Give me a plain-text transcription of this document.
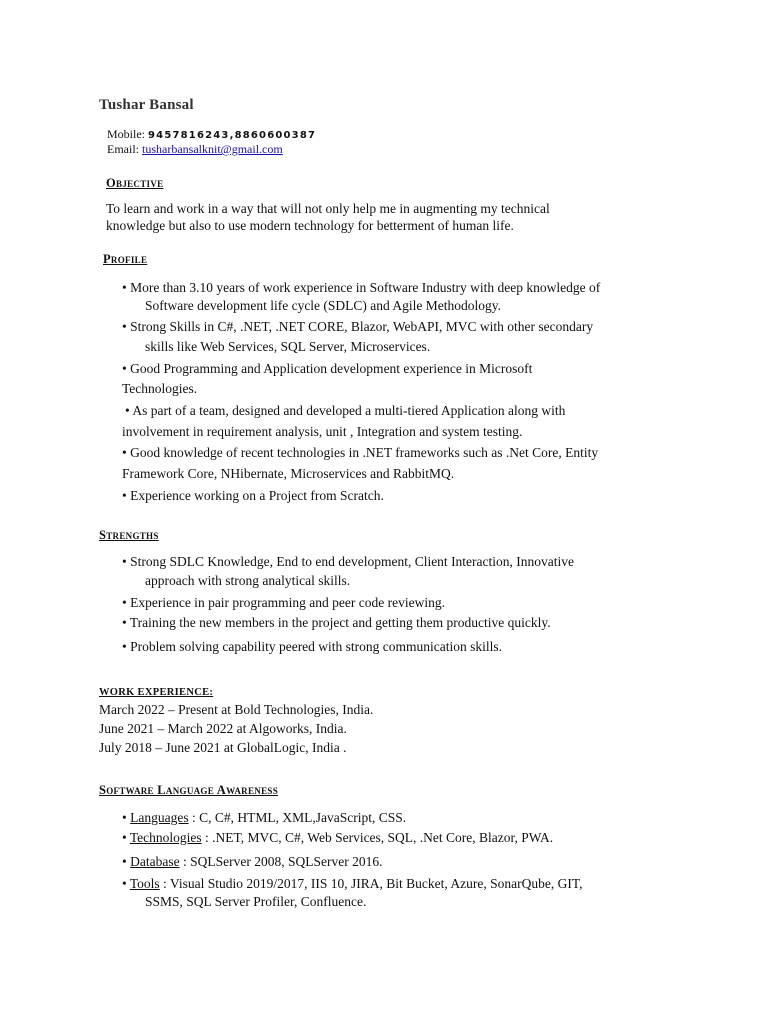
Tushar Bansal
Mobile: 9457816243,8860600387
Email: tusharbansalknit@gmail.com
Objective
To learn and work in a way that will not only help me in augmenting my technical
knowledge but also to use modern technology for betterment of human life.
Profile
• More than 3.10 years of work experience in Software Industry with deep knowledge of
Software development life cycle (SDLC) and Agile Methodology.
• Strong Skills in C#, .NET, .NET CORE, Blazor, WebAPI, MVC with other secondary
skills like Web Services, SQL Server, Microservices.
• Good Programming and Application development experience in Microsoft
Technologies.
• As part of a team, designed and developed a multi-tiered Application along with
involvement in requirement analysis, unit , Integration and system testing.
• Good knowledge of recent technologies in .NET frameworks such as .Net Core, Entity
Framework Core, NHibernate, Microservices and RabbitMQ.
• Experience working on a Project from Scratch.
Strengths
• Strong SDLC Knowledge, End to end development, Client Interaction, Innovative
approach with strong analytical skills.
• Experience in pair programming and peer code reviewing.
• Training the new members in the project and getting them productive quickly.
• Problem solving capability peered with strong communication skills.
WORK EXPERIENCE:
March 2022 – Present at Bold Technologies, India.
June 2021 – March 2022 at Algoworks, India.
July 2018 – June 2021 at GlobalLogic, India .
Software Language Awareness
• Languages : C, C#, HTML, XML,JavaScript, CSS.
• Technologies : .NET, MVC, C#, Web Services, SQL, .Net Core, Blazor, PWA.
• Database : SQLServer 2008, SQLServer 2016.
• Tools : Visual Studio 2019/2017, IIS 10, JIRA, Bit Bucket, Azure, SonarQube, GIT,
SSMS, SQL Server Profiler, Confluence.
